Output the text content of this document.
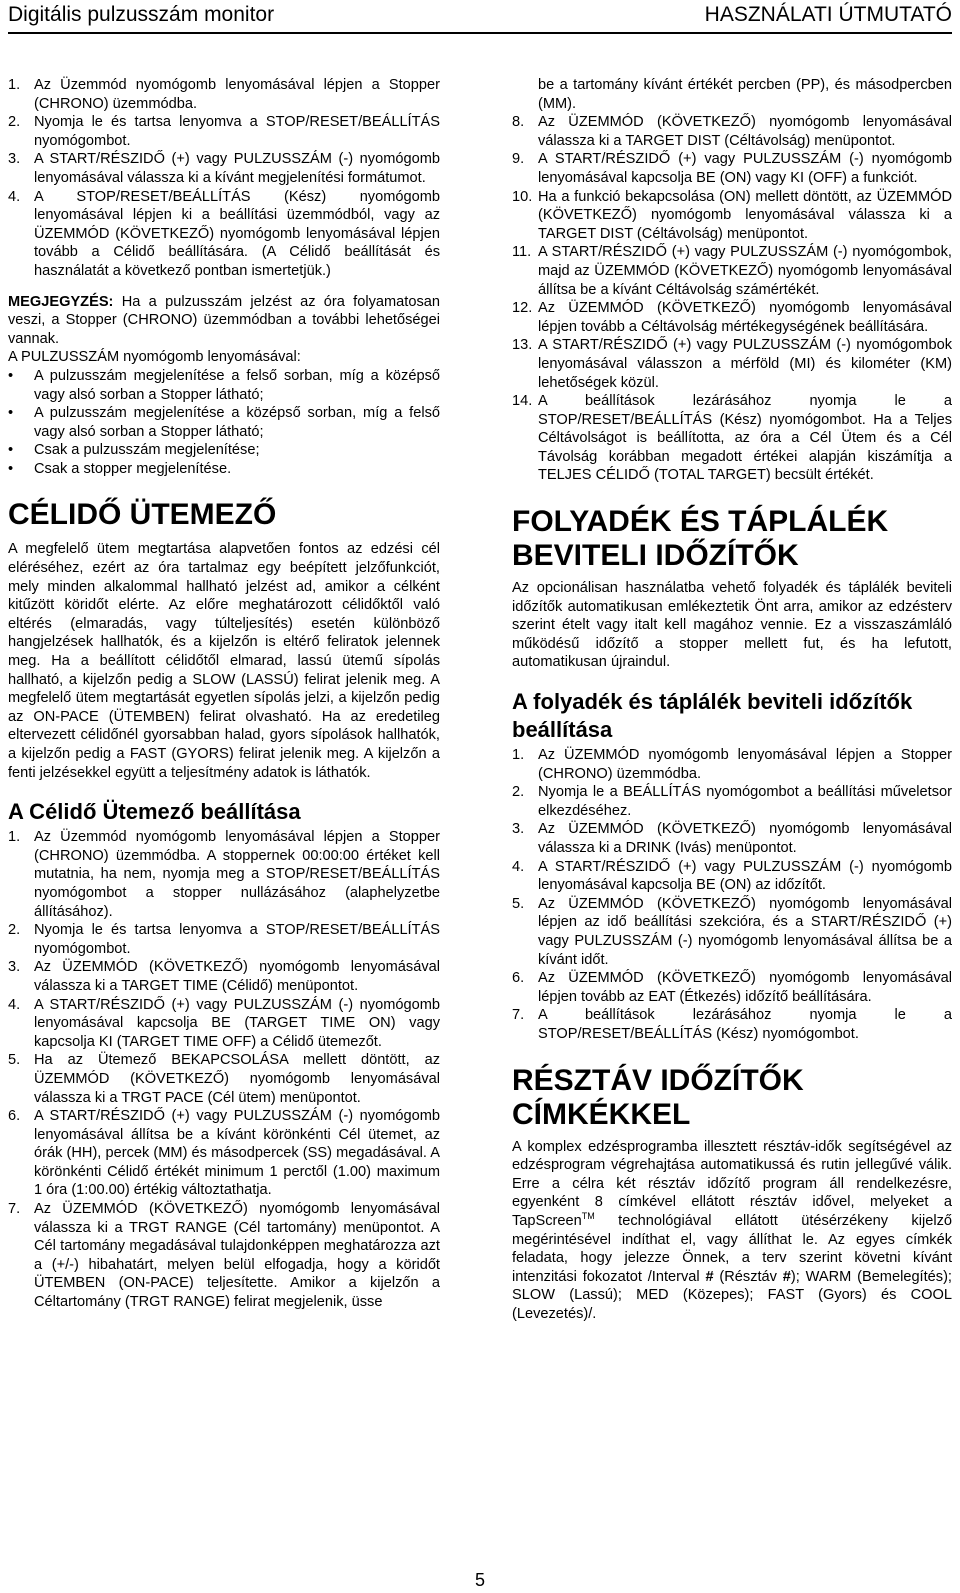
Digitális pulzusszám monitor	HASZNÁLATI ÚTMUTATÓ
1. Az Üzemmód nyomógomb lenyomásával lépjen a Stopper (CHRONO) üzemmódba.
2. Nyomja le és tartsa lenyomva a STOP/RESET/BEÁLLÍTÁS nyomógombot.
3. A START/RÉSZIDŐ (+) vagy PULZUSSZÁM (-) nyomógomb lenyomásával válassza ki a kívánt megjelenítési formátumot.
4. A STOP/RESET/BEÁLLÍTÁS (Kész) nyomógomb lenyomásával lépjen ki a beállítási üzemmódból, vagy az ÜZEMMÓD (KÖVETKEZŐ) nyomógomb lenyomásával lépjen tovább a Célidő beállítására. (A Célidő beállítását és használatát a következő pontban ismertetjük.)

MEGJEGYZÉS: Ha a pulzusszám jelzést az óra folyamatosan veszi, a Stopper (CHRONO) üzemmódban a további lehetőségei vannak.

A PULZUSSZÁM nyomógomb lenyomásával:

•	A pulzusszám megjelenítése a felső sorban, míg a középső vagy alsó sorban a Stopper látható;
•	A pulzusszám megjelenítése a középső sorban, míg a felső vagy alsó sorban a Stopper látható;
•	Csak a pulzusszám megjelenítése;
•	Csak a stopper megjelenítése.
CÉLIDŐ ÜTEMEZŐ

A megfelelő ütem megtartása alapvetően fontos az edzési cél eléréséhez, ezért az óra tartalmaz egy beépített jelzőfunkciót, mely minden alkalommal hallható jelzést ad, amikor a célként kitűzött köridőt elérte. Az előre meghatározott célidőktől való eltérés (elmaradás, vagy túlteljesítés) esetén különböző hangjelzések hallhatók, és a kijelzőn is eltérő feliratok jelennek meg. Ha a beállított célidőtől elmarad, lassú ütemű sípolás hallható, a kijelzőn pedig a SLOW (LASSÚ) felirat jelenik meg. A megfelelő ütem megtartását egyetlen sípolás jelzi, a kijelzőn pedig az ON-PACE (ÜTEMBEN) felirat olvasható. Ha az eredetileg eltervezett célidőnél gyorsabban halad, gyors sípolások hallhatók, a kijelzőn pedig a FAST (GYORS) felirat jelenik meg. A kijelzőn a fenti jelzésekkel együtt a teljesítmény adatok is láthatók.

A Célidő Ütemező beállítása
1. Az Üzemmód nyomógomb lenyomásával lépjen a Stopper (CHRONO) üzemmódba. A stoppernek 00:00:00 értéket kell mutatnia, ha nem, nyomja meg a STOP/RESET/BEÁLLÍTÁS nyomógombot a stopper nullázásához (alaphelyzetbe állításához).
2. Nyomja le és tartsa lenyomva a STOP/RESET/BEÁLLÍTÁS nyomógombot.
3. Az ÜZEMMÓD (KÖVETKEZŐ) nyomógomb lenyomásával válassza ki a TARGET TIME (Célidő) menüpontot.
4. A START/RÉSZIDŐ (+) vagy PULZUSSZÁM (-) nyomógomb lenyomásával kapcsolja BE (TARGET TIME ON) vagy kapcsolja KI (TARGET TIME OFF) a Célidő ütemezőt.
5. Ha az Ütemező BEKAPCSOLÁSA mellett döntött, az ÜZEMMÓD (KÖVETKEZŐ) nyomógomb lenyomásával válassza ki a TRGT PACE (Cél ütem) menüpontot.
6. A START/RÉSZIDŐ (+) vagy PULZUSSZÁM (-) nyomógomb lenyomásával állítsa be a kívánt körönkénti Cél ütemet, az órák (HH), percek (MM) és másodpercek (SS) megadásával. A körönkénti Célidő értékét minimum 1 perctől (1.00) maximum 1 óra (1:00.00) értékig változtathatja.
7. Az ÜZEMMÓD (KÖVETKEZŐ) nyomógomb lenyomásával válassza ki a TRGT RANGE (Cél tartomány) menüpontot. A Cél tartomány megadásával tulajdonképpen meghatározza azt a (+/-) hibahatárt, melyen belül elfogadja, hogy a köridőt ÜTEMBEN (ON-PACE) teljesítette. Amikor a kijelzőn a Céltartomány (TRGT RANGE) felirat megjelenik, üsse
be a tartomány kívánt értékét percben (PP), és másodpercben (MM).
8. Az ÜZEMMÓD (KÖVETKEZŐ) nyomógomb lenyomásával válassza ki a TARGET DIST (Céltávolság) menüpontot.
9. A START/RÉSZIDŐ (+) vagy PULZUSSZÁM (-) nyomógomb lenyomásával kapcsolja BE (ON) vagy KI (OFF) a funkciót.
10. Ha a funkció bekapcsolása (ON) mellett döntött, az ÜZEMMÓD (KÖVETKEZŐ) nyomógomb lenyomásával válassza ki a TARGET DIST (Céltávolság) menüpontot.
11. A START/RÉSZIDŐ (+) vagy PULZUSSZÁM (-) nyomógombok, majd az ÜZEMMÓD (KÖVETKEZŐ) nyomógomb lenyomásával állítsa be a kívánt Céltávolság számértékét.
12. Az ÜZEMMÓD (KÖVETKEZŐ) nyomógomb lenyomásával lépjen tovább a Céltávolság mértékegységének beállítására.
13. A START/RÉSZIDŐ (+) vagy PULZUSSZÁM (-) nyomógombok lenyomásával válasszon a mérföld (MI) és kilométer (KM) lehetőségek közül.
14. A beállítások lezárásához nyomja le a STOP/RESET/BEÁLLÍTÁS (Kész) nyomógombot. Ha a Teljes Céltávolságot is beállította, az óra a Cél Ütem és a Cél Távolság korábban megadott értékei alapján kiszámítja a TELJES CÉLIDŐ (TOTAL TARGET) becsült értékét.
FOLYADÉK ÉS TÁPLÁLÉK BEVITELI IDŐZÍTŐK

Az opcionálisan használatba vehető folyadék és táplálék beviteli időzítők automatikusan emlékeztetik Önt arra, amikor az edzésterv szerint ételt vagy italt kell magához vennie. Ez a visszaszámláló működésű időzítő a stopper mellett fut, és ha lefutott, automatikusan újraindul.

A folyadék és táplálék beviteli időzítők beállítása
1. Az ÜZEMMÓD nyomógomb lenyomásával lépjen a Stopper (CHRONO) üzemmódba.
2. Nyomja le a BEÁLLÍTÁS nyomógombot a beállítási műveletsor elkezdéséhez.
3. Az ÜZEMMÓD (KÖVETKEZŐ) nyomógomb lenyomásával válassza ki a DRINK (Ivás) menüpontot.
4. A START/RÉSZIDŐ (+) vagy PULZUSSZÁM (-) nyomógomb lenyomásával kapcsolja BE (ON) az időzítőt.
5. Az ÜZEMMÓD (KÖVETKEZŐ) nyomógomb lenyomásával lépjen az idő beállítási szekcióra, és a START/RÉSZIDŐ (+) vagy PULZUSSZÁM (-) nyomógomb lenyomásával állítsa be a kívánt időt.
6. Az ÜZEMMÓD (KÖVETKEZŐ) nyomógomb lenyomásával lépjen tovább az EAT (Étkezés) időzítő beállítására.
7. A beállítások lezárásához nyomja le a STOP/RESET/BEÁLLÍTÁS (Kész) nyomógombot.
RÉSZTÁV IDŐZÍTŐK CÍMKÉKKEL

A komplex edzésprogramba illesztett résztáv-idők segítségével az edzésprogram végrehajtása automatikussá és rutin jellegűvé válik. Erre a célra két résztáv időzítő program áll rendelkezésre, egyenként 8 címkével ellátott résztáv idővel, melyeket a TapScreen™ technológiával ellátott ütésérzékeny kijelző megérintésével indíthat el, vagy állíthat le. Az egyes címkék feladata, hogy jelezze Önnek, a terv szerint követni kívánt intenzitási fokozatot /Interval # (Résztáv #); WARM (Bemelegítés); SLOW (Lassú); MED (Közepes); FAST (Gyors) és COOL (Levezetés)/.

5
